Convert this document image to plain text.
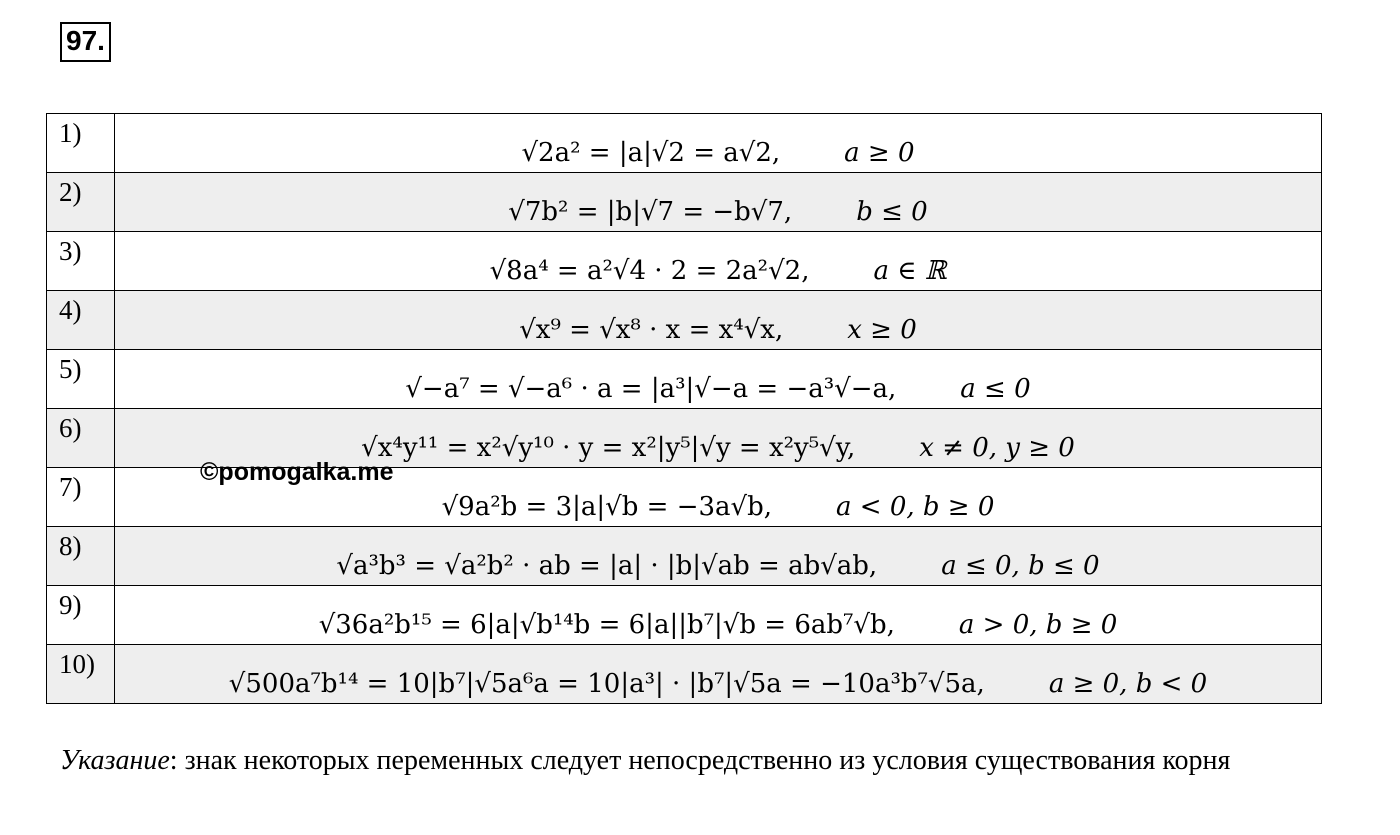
97.
1)	√2a² = |a|√2 = a√2, a ≥ 0
2)	√7b² = |b|√7 = −b√7, b ≤ 0
3)	√8a⁴ = a²√4 · 2 = 2a²√2, a ∈ ℝ
4)	√x⁹ = √x⁸ · x = x⁴√x, x ≥ 0
5)	√−a⁷ = √−a⁶ · a = |a³|√−a = −a³√−a, a ≤ 0
6)	√x⁴y¹¹ = x²√y¹⁰ · y = x²|y⁵|√y = x²y⁵√y, x ≠ 0, y ≥ 0
7)	√9a²b = 3|a|√b = −3a√b, a < 0, b ≥ 0
8)	√a³b³ = √a²b² · ab = |a| · |b|√ab = ab√ab, a ≤ 0, b ≤ 0
9)	√36a²b¹⁵ = 6|a|√b¹⁴b = 6|a||b⁷|√b = 6ab⁷√b, a > 0, b ≥ 0
10)	√500a⁷b¹⁴ = 10|b⁷|√5a⁶a = 10|a³| · |b⁷|√5a = −10a³b⁷√5a, a ≥ 0, b < 0
©pomogalka.me
Указание: знак некоторых переменных следует непосредственно из условия существования корня
